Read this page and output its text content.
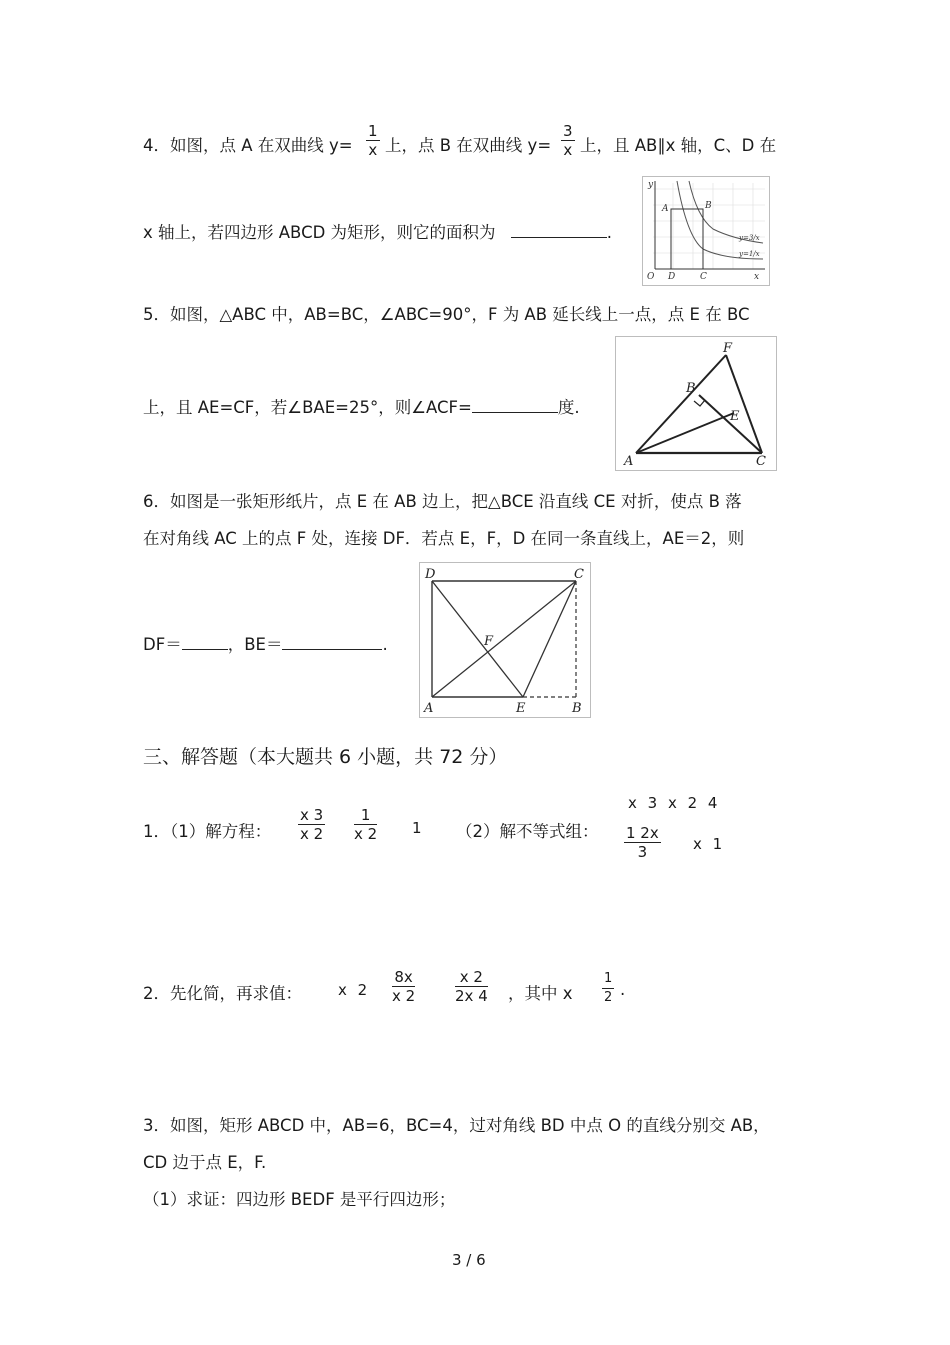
4．如图，点 A 在双曲线 $y= \frac{1}{x}$ 上，点 B 在双曲线 $y= \frac{3}{x}$ 上，且 AB∥x 轴，C、D 在
x 轴上，若四边形 ABCD 为矩形，则它的面积为	.
y
A	B
O D	C	x
y=3/x
y=1/x
5．如图，△ABC 中，AB=BC，∠ABC=90°，F 为 AB 延长线上一点，点 E 在 BC
上，且 AE=CF，若∠BAE=25°，则∠ACF=	度.
F
B
E
A	C
6．如图是一张矩形纸片，点 E 在 AB 边上，把△BCE 沿直线 CE 对折，使点 B 落
在对角线 AC 上的点 F 处，连接 DF．若点 E，F，D 在同一条直线上，AE＝2，则
DF＝	，BE＝	.
D	C
F
A	E	B
三、解答题（本大题共 6 小题，共 72 分）
1．（1）解方程： $\frac{x 3}{x 2} \frac{1}{x 2} 1$ （2）解不等式组：
x 3 x 2 4
$\frac{1 2x}{3}$ x 1
2．先化简，再求值： x $2 \frac{8x}{x 2}$	$\frac{x 2}{2x 4}$ ，其中 x $\frac{1}{2}$ .
3．如图，矩形 ABCD 中，AB=6，BC=4，过对角线 BD 中点 O 的直线分别交 AB，
CD 边于点 E，F.
（1）求证：四边形 BEDF 是平行四边形；
3 / 6
